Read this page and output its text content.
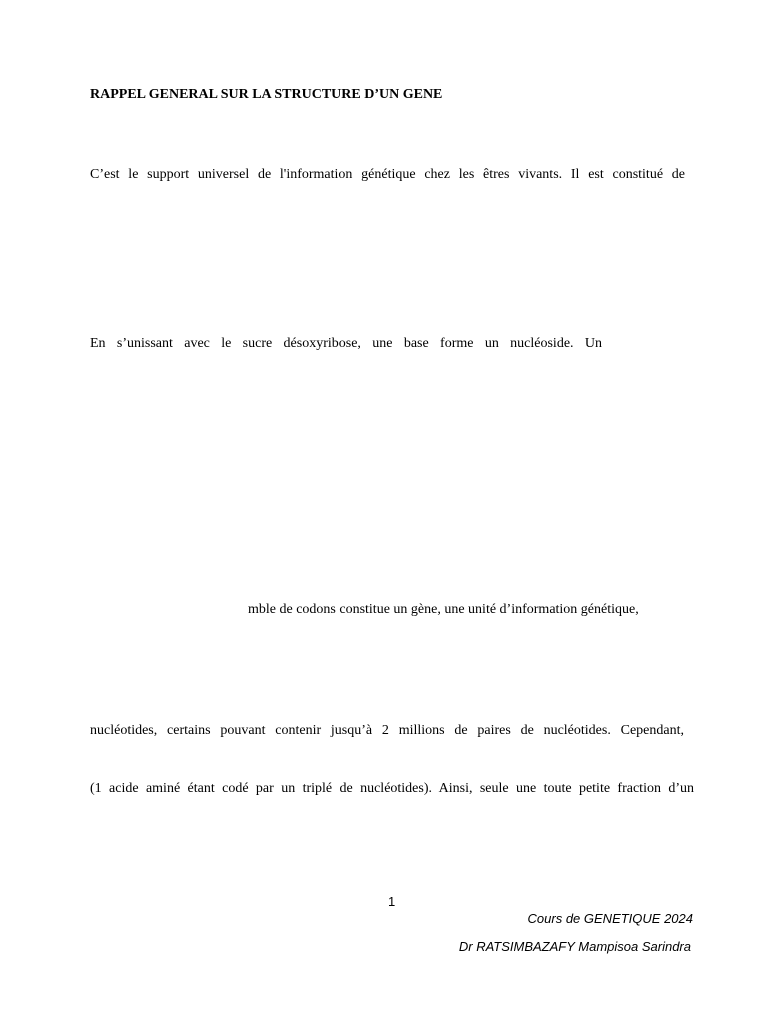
RAPPEL GENERAL SUR LA STRUCTURE D’UN GENE
C’est le support universel de l'information génétique chez les êtres vivants. Il est constitué de
En s’unissant avec le sucre désoxyribose, une base forme un nucléoside. Un
mble de codons constitue un gène, une unité d’information génétique,
nucléotides, certains pouvant contenir jusqu’à 2 millions de paires de nucléotides. Cependant,
(1 acide aminé étant codé par un triplé de nucléotides). Ainsi, seule une toute petite fraction d’un
1
Cours de GENETIQUE 2024
Dr RATSIMBAZAFY Mampisoa Sarindra
